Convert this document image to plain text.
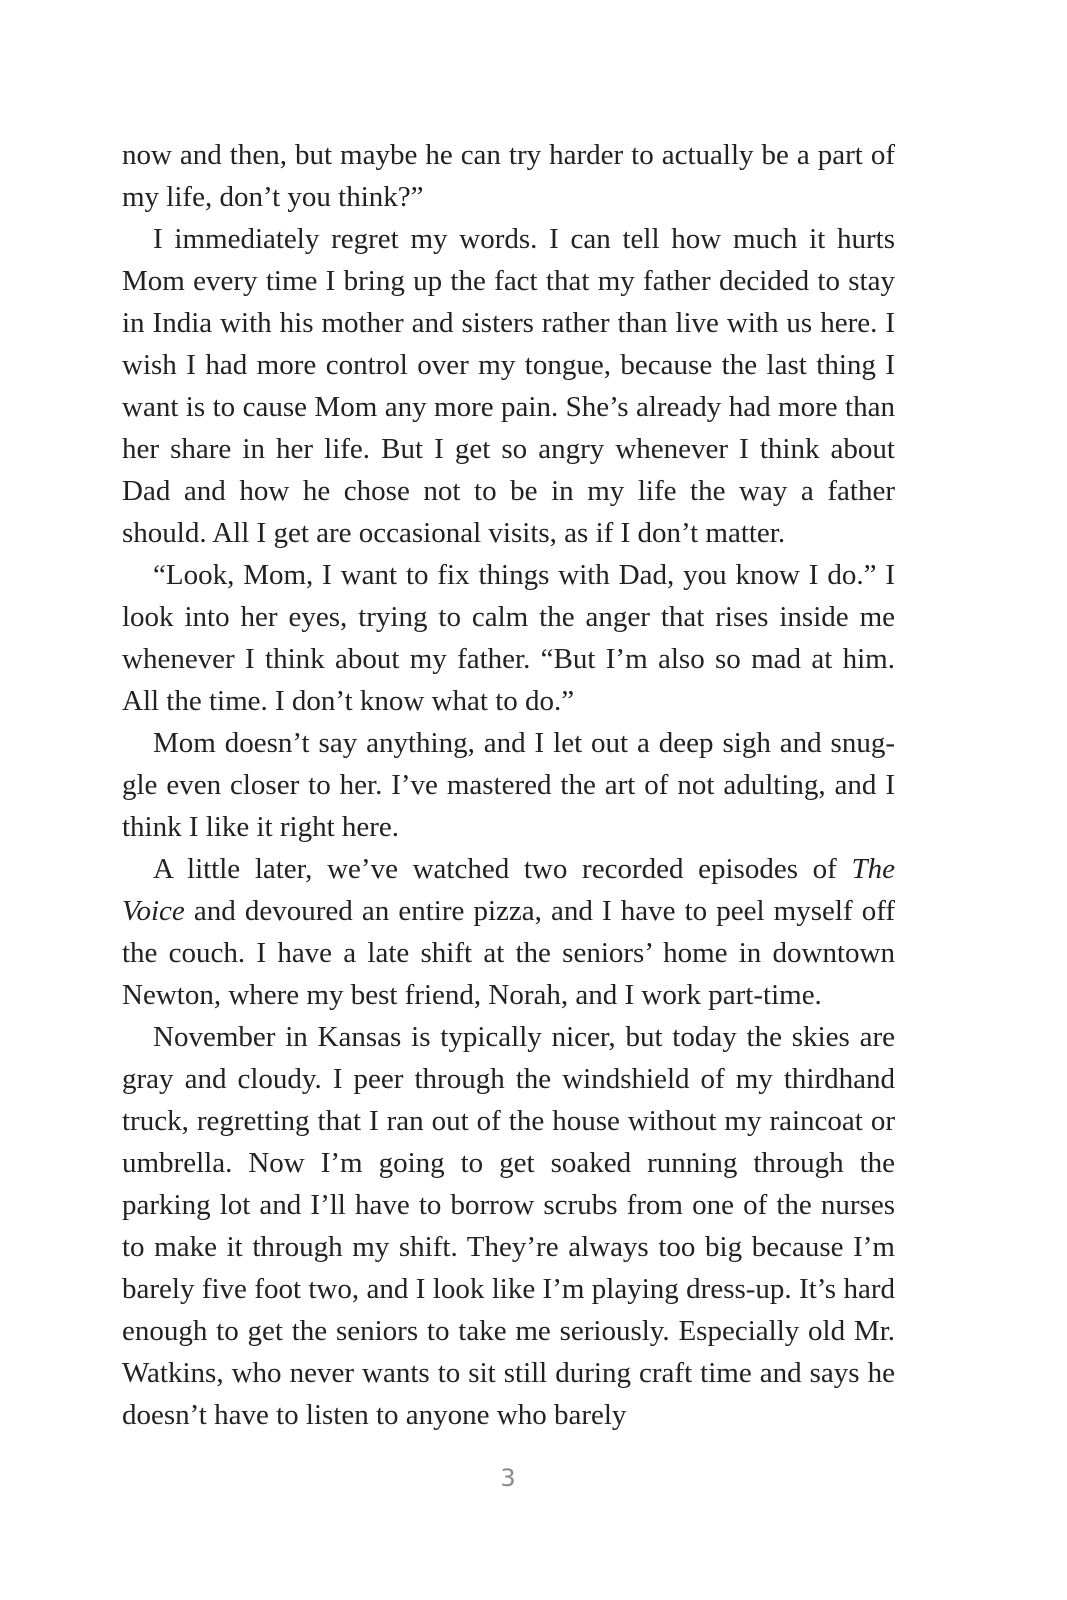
now and then, but maybe he can try harder to actually be a part of my life, don’t you think?”

I immediately regret my words. I can tell how much it hurts Mom every time I bring up the fact that my father decided to stay in India with his mother and sisters rather than live with us here. I wish I had more control over my tongue, because the last thing I want is to cause Mom any more pain. She’s already had more than her share in her life. But I get so angry whenever I think about Dad and how he chose not to be in my life the way a father should. All I get are occasional visits, as if I don’t matter.

“Look, Mom, I want to fix things with Dad, you know I do.” I look into her eyes, trying to calm the anger that rises inside me whenever I think about my father. “But I’m also so mad at him. All the time. I don’t know what to do.”

Mom doesn’t say anything, and I let out a deep sigh and snuggle even closer to her. I’ve mastered the art of not adulting, and I think I like it right here.

A little later, we’ve watched two recorded episodes of The Voice and devoured an entire pizza, and I have to peel myself off the couch. I have a late shift at the seniors’ home in downtown Newton, where my best friend, Norah, and I work part-time.

November in Kansas is typically nicer, but today the skies are gray and cloudy. I peer through the windshield of my thirdhand truck, regretting that I ran out of the house without my raincoat or umbrella. Now I’m going to get soaked running through the parking lot and I’ll have to borrow scrubs from one of the nurses to make it through my shift. They’re always too big because I’m barely five foot two, and I look like I’m playing dress-up. It’s hard enough to get the seniors to take me seriously. Especially old Mr. Watkins, who never wants to sit still during craft time and says he doesn’t have to listen to anyone who barely

3
